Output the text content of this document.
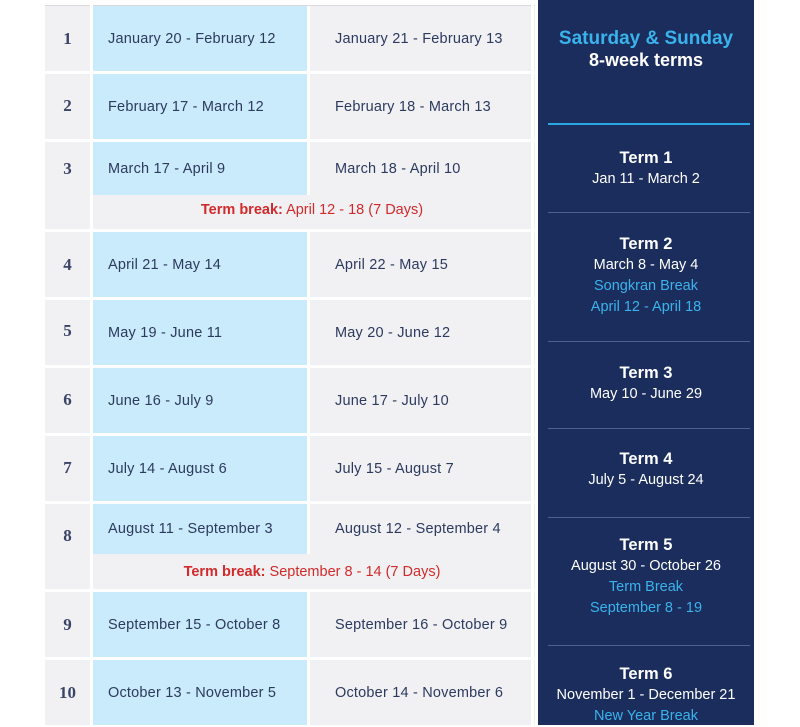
1	January 20 - February 12	January 21 - February 13
2	February 17 - March 12	February 18 - March 13
3	March 17 - April 9	March 18 - April 10
Term break: April 12 - 18 (7 Days)
4	April 21 - May 14	April 22 - May 15
5	May 19 - June 11	May 20 - June 12
6	June 16 - July 9	June 17 - July 10
7	July 14 - August 6	July 15 - August 7
8	August 11 - September 3	August 12 - September 4
Term break: September 8 - 14 (7 Days)
9	September 15 - October 8	September 16 - October 9
10	October 13 - November 5	October 14 - November 6
Saturday & Sunday
8-week terms
Term 1
Jan 11 - March 2
Term 2
March 8 - May 4
Songkran Break
April 12 - April 18
Term 3
May 10 - June 29
Term 4
July 5 - August 24
Term 5
August 30 - October 26
Term Break
September 8 - 19
Term 6
November 1 - December 21
New Year Break
